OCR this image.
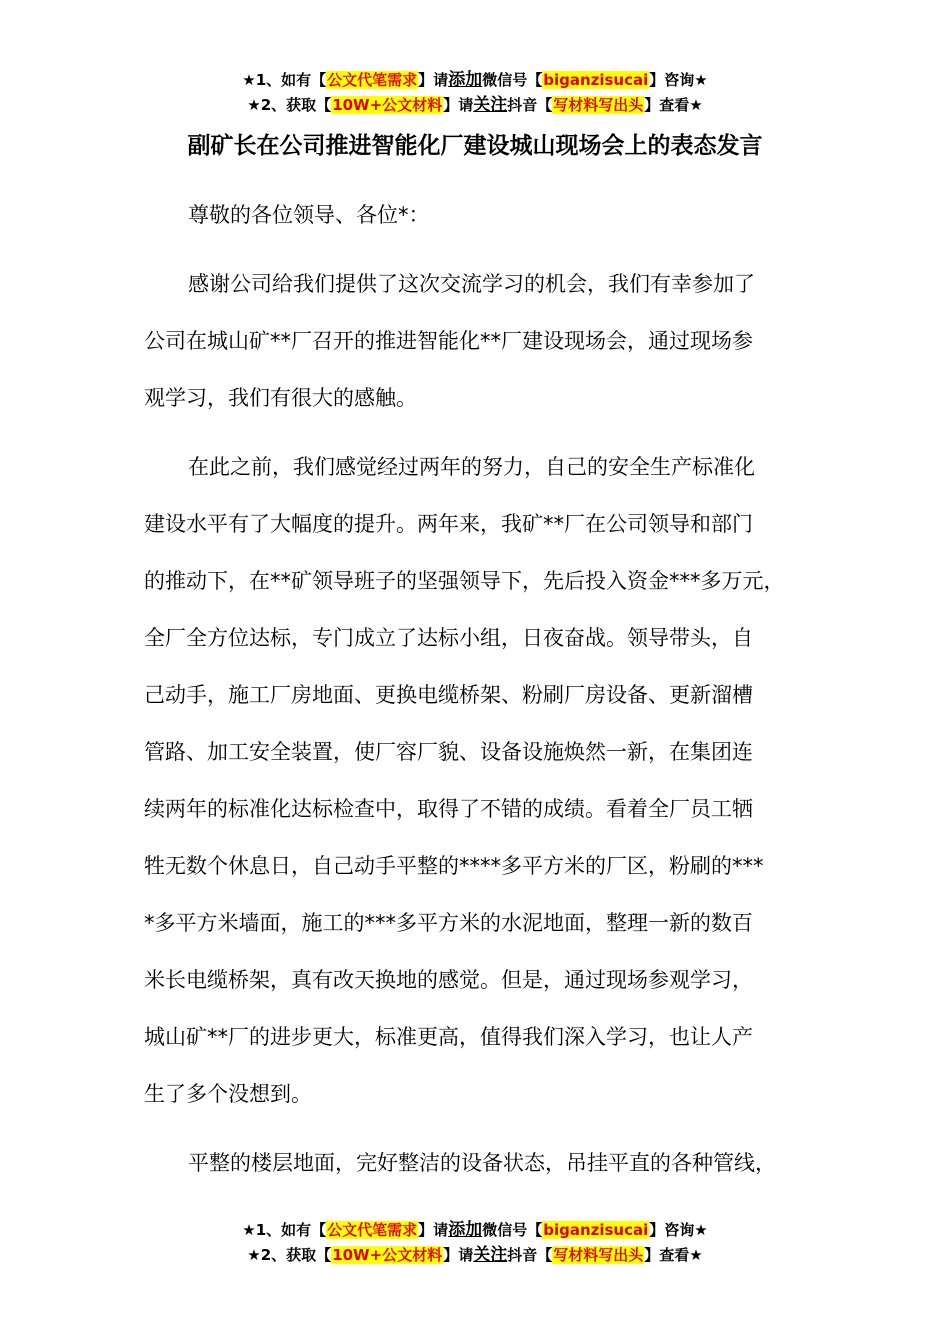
★1、如有【公文代笔需求】请添加微信号【biganzisucai】咨询★
★2、获取【10W+公文材料】请关注抖音【写材料写出头】查看★
副矿长在公司推进智能化厂建设城山现场会上的表态发言
尊敬的各位领导、各位*：
感谢公司给我们提供了这次交流学习的机会，我们有幸参加了
公司在城山矿**厂召开的推进智能化**厂建设现场会，通过现场参
观学习，我们有很大的感触。
在此之前，我们感觉经过两年的努力，自己的安全生产标准化
建设水平有了大幅度的提升。两年来，我矿**厂在公司领导和部门
的推动下，在**矿领导班子的坚强领导下，先后投入资金***多万元，
全厂全方位达标，专门成立了达标小组，日夜奋战。领导带头，自
己动手，施工厂房地面、更换电缆桥架、粉刷厂房设备、更新溜槽
管路、加工安全装置，使厂容厂貌、设备设施焕然一新，在集团连
续两年的标准化达标检查中，取得了不错的成绩。看着全厂员工牺
牲无数个休息日，自己动手平整的****多平方米的厂区，粉刷的***
*多平方米墙面，施工的***多平方米的水泥地面，整理一新的数百
米长电缆桥架，真有改天换地的感觉。但是，通过现场参观学习，
城山矿**厂的进步更大，标准更高，值得我们深入学习，也让人产
生了多个没想到。
平整的楼层地面，完好整洁的设备状态，吊挂平直的各种管线，
★1、如有【公文代笔需求】请添加微信号【biganzisucai】咨询★
★2、获取【10W+公文材料】请关注抖音【写材料写出头】查看★
